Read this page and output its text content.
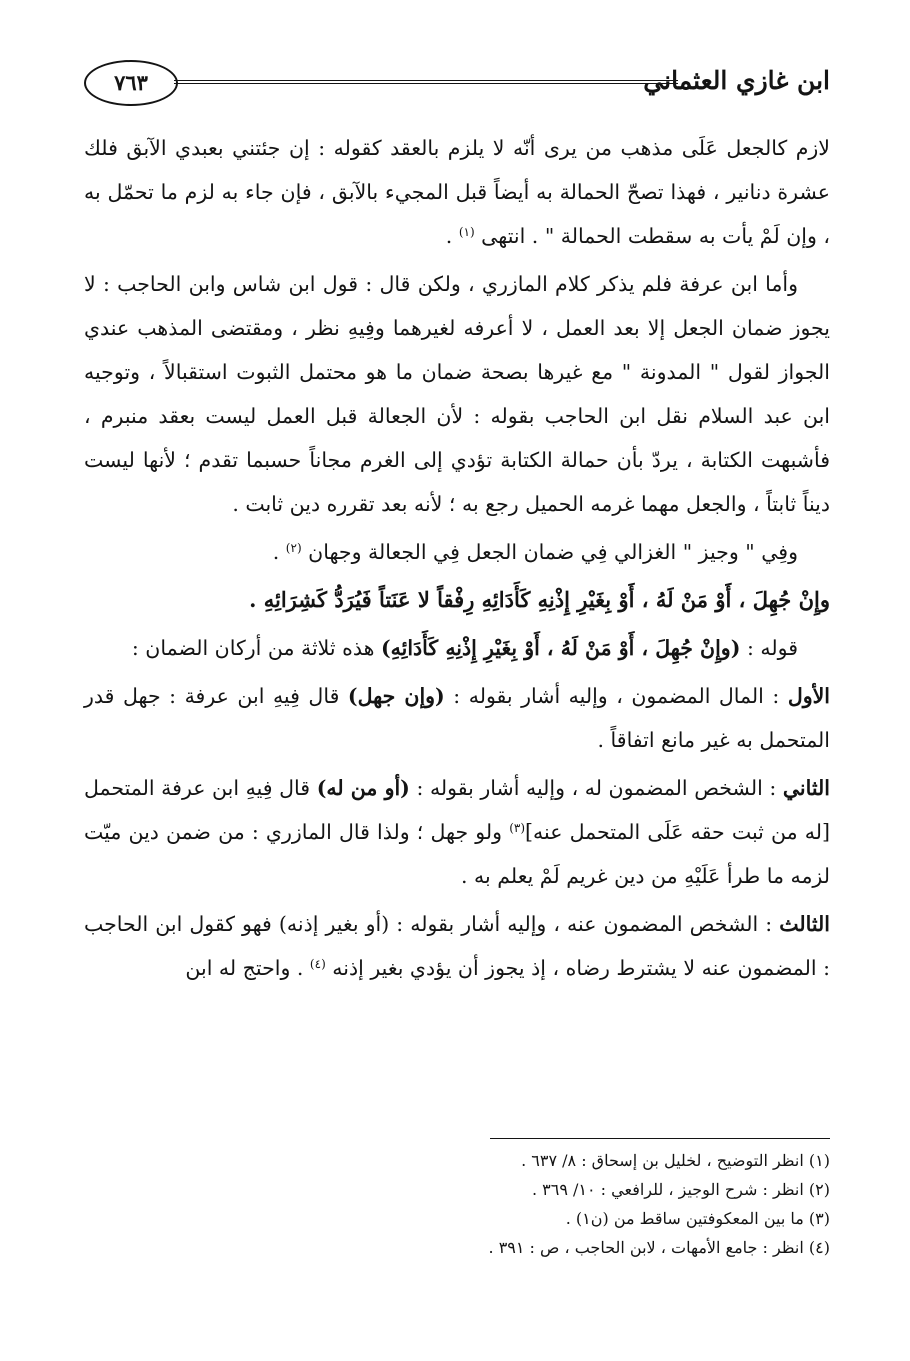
ابن غازي العثماني
٧٦٣

لازم كالجعل عَلَى مذهب من يرى أنّه لا يلزم بالعقد كقوله : إن جئتني بعبدي الآبق فلك عشرة دنانير ، فهذا تصحّ الحمالة به أيضاً قبل المجيء بالآبق ، فإن جاء به لزم ما تحمّل به ، وإن لَمْ يأت به سقطت الحمالة " . انتهى $^{(١)}$ .

وأما ابن عرفة فلم يذكر كلام المازري ، ولكن قال : قول ابن شاس وابن الحاجب : لا يجوز ضمان الجعل إلا بعد العمل ، لا أعرفه لغيرهما وفِيهِ نظر ، ومقتضى المذهب عندي الجواز لقول " المدونة " مع غيرها بصحة ضمان ما هو محتمل الثبوت استقبالاً ، وتوجيه ابن عبد السلام نقل ابن الحاجب بقوله : لأن الجعالة قبل العمل ليست بعقد منبرم ، فأشبهت الكتابة ، يردّ بأن حمالة الكتابة تؤدي إلى الغرم مجاناً حسبما تقدم ؛ لأنها ليست ديناً ثابتاً ، والجعل مهما غرمه الحميل رجع به ؛ لأنه بعد تقرره دين ثابت .

وفِي " وجيز " الغزالي فِي ضمان الجعل فِي الجعالة وجهان $^{(٢)}$ .

وإِنْ جُهِلَ ، أَوْ مَنْ لَهُ ، أَوْ بِغَيْرِ إِذْنِهِ كَأَدَائِهِ رِفْقاً لا عَنَتاً فَيُرَدُّ كَشِرَائِهِ .

قوله : (وإِنْ جُهِلَ ، أَوْ مَنْ لَهُ ، أَوْ بِغَيْرِ إِذْنِهِ كَأَدَائِهِ) هذه ثلاثة من أركان الضمان :

الأول : المال المضمون ، وإليه أشار بقوله : (وإن جهل) قال فِيهِ ابن عرفة : جهل قدر المتحمل به غير مانع اتفاقاً .

الثاني : الشخص المضمون له ، وإليه أشار بقوله : (أو من له) قال فِيهِ ابن عرفة المتحمل [له من ثبت حقه عَلَى المتحمل عنه]$^{(٣)}$ ولو جهل ؛ ولذا قال المازري : من ضمن دين ميّت لزمه ما طرأ عَلَيْهِ من دين غريم لَمْ يعلم به .

الثالث : الشخص المضمون عنه ، وإليه أشار بقوله : (أو بغير إذنه) فهو كقول ابن الحاجب : المضمون عنه لا يشترط رضاه ، إذ يجوز أن يؤدي بغير إذنه $^{(٤)}$ . واحتج له ابن

(١) انظر التوضيح ، لخليل بن إسحاق : ٨/ ٦٣٧ .

(٢) انظر : شرح الوجيز ، للرافعي : ١٠/ ٣٦٩ .

(٣) ما بين المعكوفتين ساقط من (ن١) .

(٤) انظر : جامع الأمهات ، لابن الحاجب ، ص : ٣٩١ .
